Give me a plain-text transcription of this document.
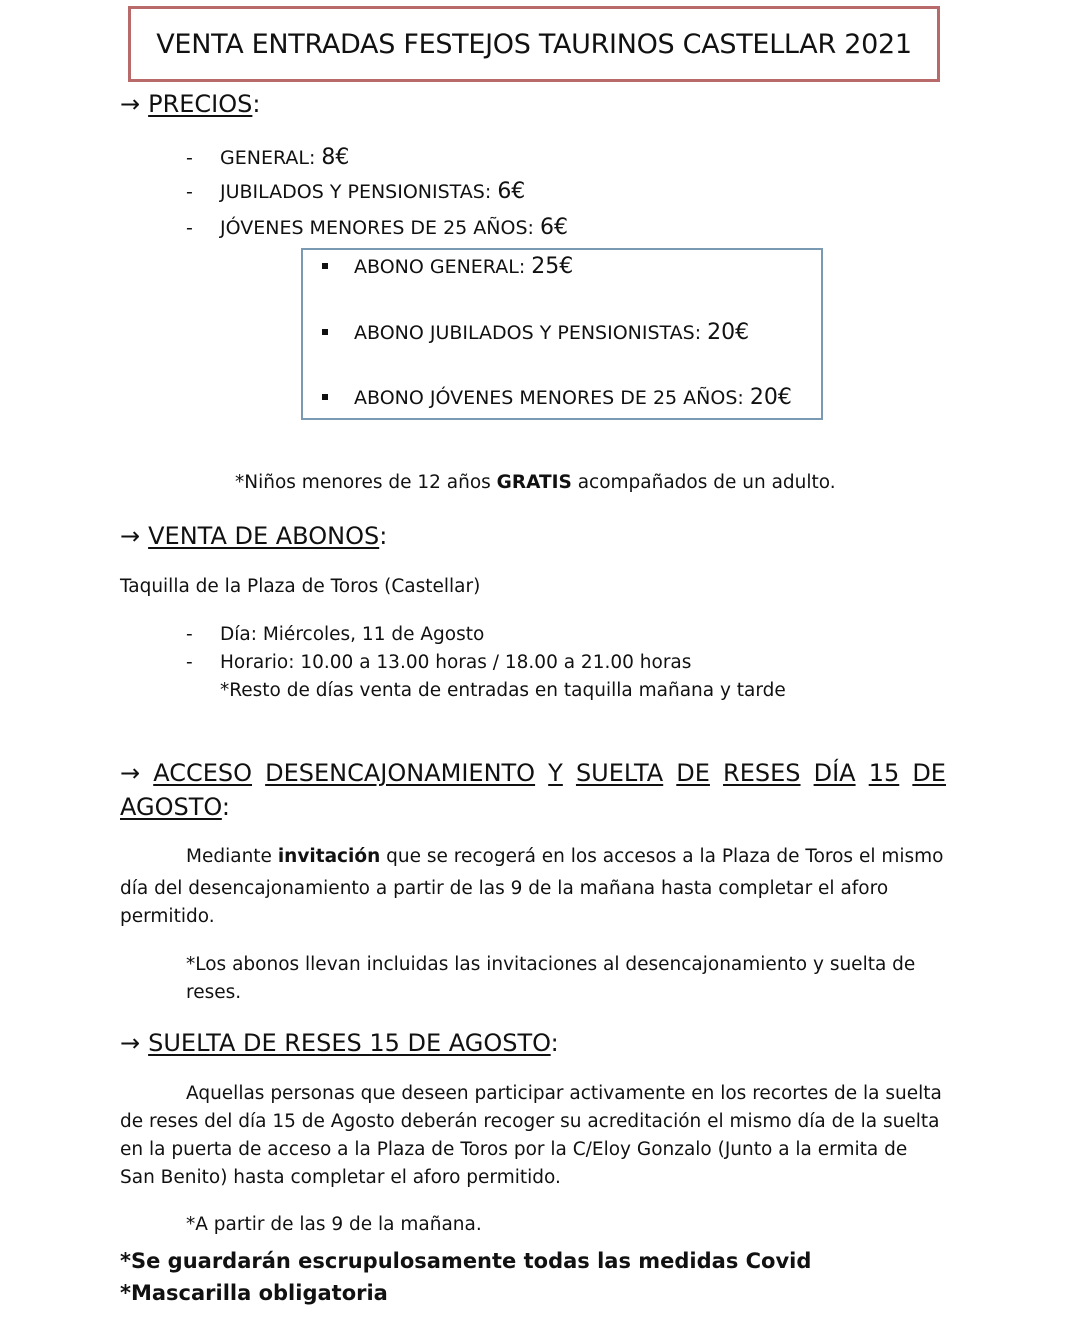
VENTA ENTRADAS FESTEJOS TAURINOS CASTELLAR 2021
→ PRECIOS:
- GENERAL: 8€
- JUBILADOS Y PENSIONISTAS: 6€
- JÓVENES MENORES DE 25 AÑOS: 6€
ABONO GENERAL: 25€
ABONO JUBILADOS Y PENSIONISTAS: 20€
ABONO JÓVENES MENORES DE 25 AÑOS: 20€
*Niños menores de 12 años GRATIS acompañados de un adulto.
→ VENTA DE ABONOS:
Taquilla de la Plaza de Toros (Castellar)
- Día: Miércoles, 11 de Agosto
- Horario: 10.00 a 13.00 horas / 18.00 a 21.00 horas
*Resto de días venta de entradas en taquilla mañana y tarde
→ ACCESO DESENCAJONAMIENTO Y SUELTA DE RESES DÍA 15 DE
AGOSTO:
Mediante invitación que se recogerá en los accesos a la Plaza de Toros el mismo
día del desencajonamiento a partir de las 9 de la mañana hasta completar el aforo
permitido.
*Los abonos llevan incluidas las invitaciones al desencajonamiento y suelta de
reses.
→ SUELTA DE RESES 15 DE AGOSTO:
Aquellas personas que deseen participar activamente en los recortes de la suelta
de reses del día 15 de Agosto deberán recoger su acreditación el mismo día de la suelta
en la puerta de acceso a la Plaza de Toros por la C/Eloy Gonzalo (Junto a la ermita de
San Benito) hasta completar el aforo permitido.
*A partir de las 9 de la mañana.
*Se guardarán escrupulosamente todas las medidas Covid
*Mascarilla obligatoria
